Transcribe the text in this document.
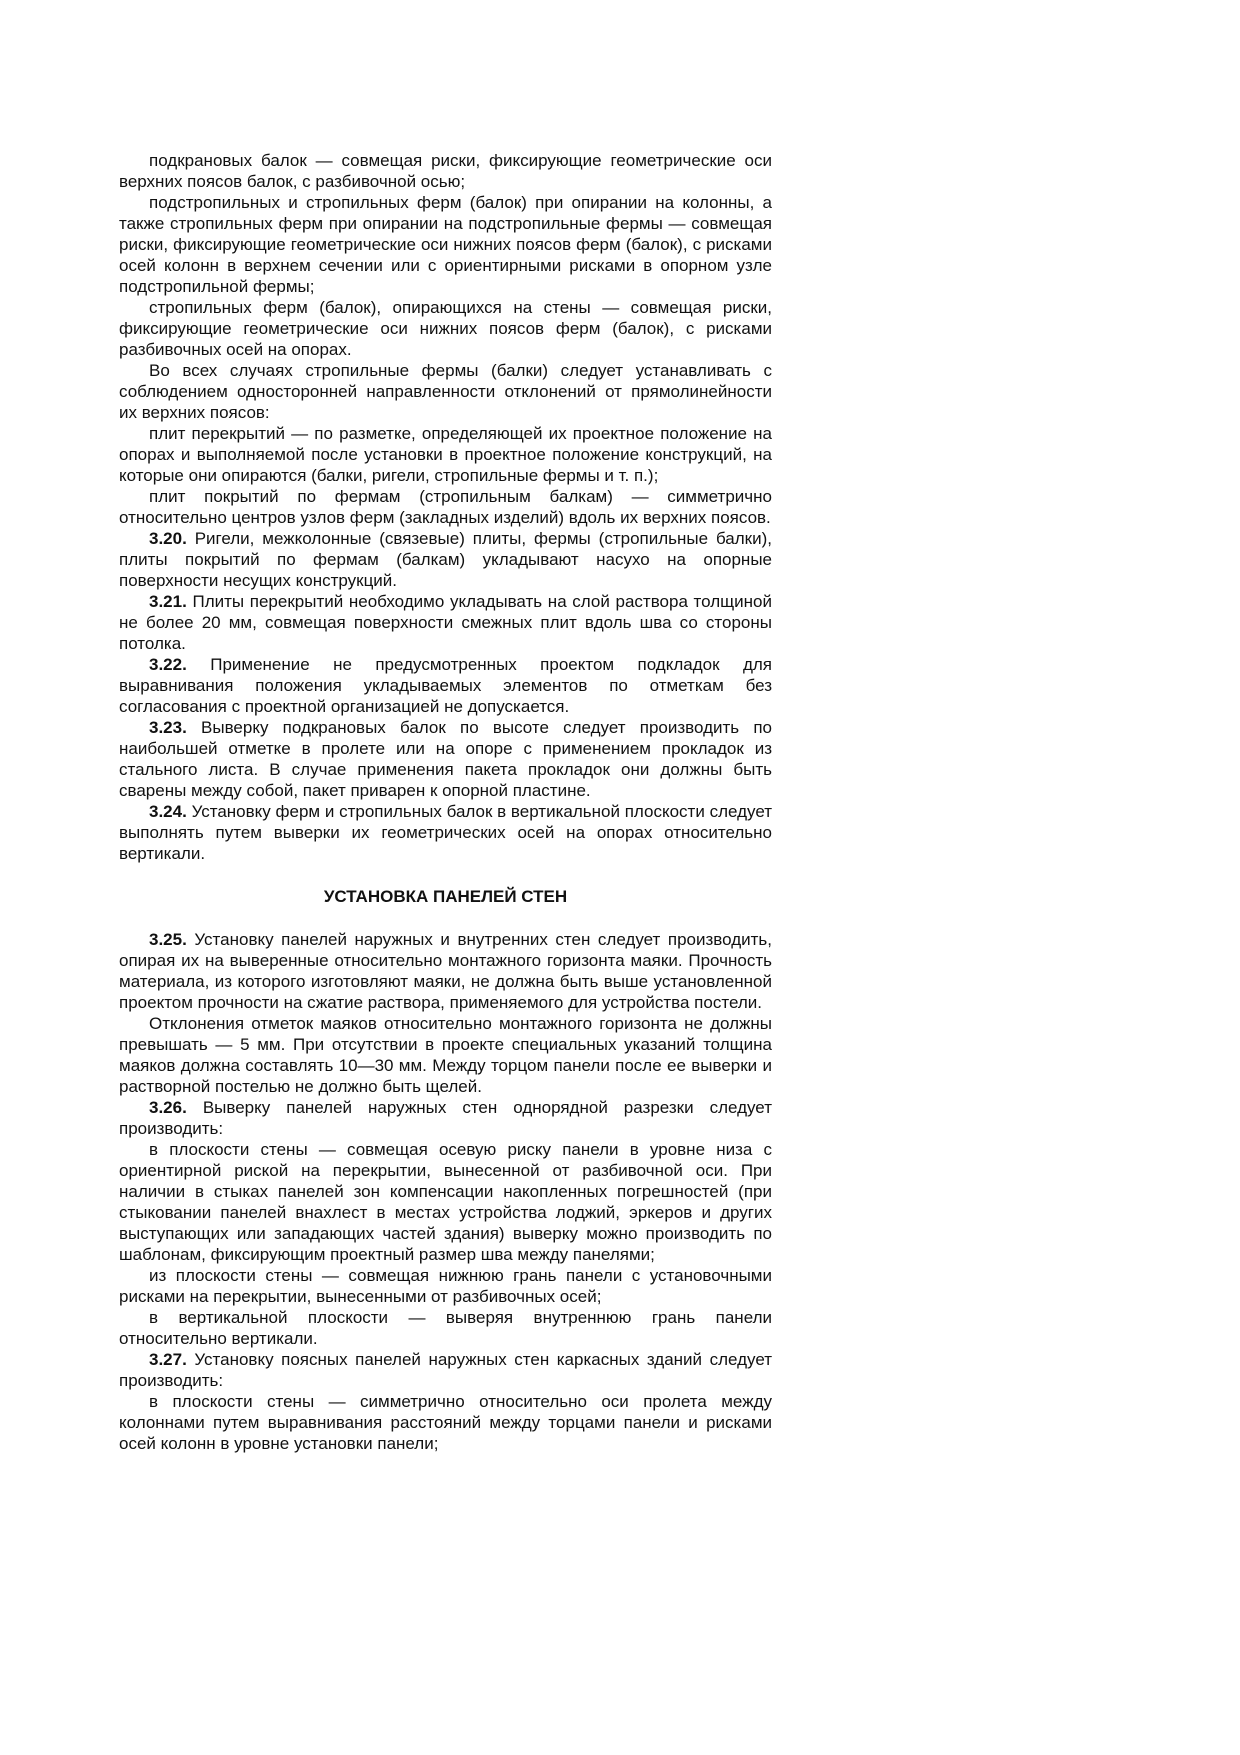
подкрановых балок — совмещая риски, фиксирующие геометрические оси верхних поясов балок, с разбивочной осью;

подстропильных и стропильных ферм (балок) при опирании на колонны, а также стропильных ферм при опирании на подстропильные фермы — совмещая риски, фиксирующие геометрические оси нижних поясов ферм (балок), с рисками осей колонн в верхнем сечении или с ориентирными рисками в опорном узле подстропильной фермы;

стропильных ферм (балок), опирающихся на стены — совмещая риски, фиксирующие геометрические оси нижних поясов ферм (балок), с рисками разбивочных осей на опорах.

Во всех случаях стропильные фермы (балки) следует устанавливать с соблюдением односторонней направленности отклонений от прямолинейности их верхних поясов:

плит перекрытий — по разметке, определяющей их проектное положение на опорах и выполняемой после установки в проектное положение конструкций, на которые они опираются (балки, ригели, стропильные фермы и т. п.);

плит покрытий по фермам (стропильным балкам) — симметрично относительно центров узлов ферм (закладных изделий) вдоль их верхних поясов.

3.20. Ригели, межколонные (связевые) плиты, фермы (стропильные балки), плиты покрытий по фермам (балкам) укладывают насухо на опорные поверхности несущих конструкций.

3.21. Плиты перекрытий необходимо укладывать на слой раствора толщиной не более 20 мм, совмещая поверхности смежных плит вдоль шва со стороны потолка.

3.22. Применение не предусмотренных проектом подкладок для выравнивания положения укладываемых элементов по отметкам без согласования с проектной организацией не допускается.

3.23. Выверку подкрановых балок по высоте следует производить по наибольшей отметке в пролете или на опоре с применением прокладок из стального листа. В случае применения пакета прокладок они должны быть сварены между собой, пакет приварен к опорной пластине.

3.24. Установку ферм и стропильных балок в вертикальной плоскости следует выполнять путем выверки их геометрических осей на опорах относительно вертикали.

УСТАНОВКА ПАНЕЛЕЙ СТЕН

3.25. Установку панелей наружных и внутренних стен следует производить, опирая их на выверенные относительно монтажного горизонта маяки. Прочность материала, из которого изготовляют маяки, не должна быть выше установленной проектом прочности на сжатие раствора, применяемого для устройства постели.

Отклонения отметок маяков относительно монтажного горизонта не должны превышать — 5 мм. При отсутствии в проекте специальных указаний толщина маяков должна составлять 10—30 мм. Между торцом панели после ее выверки и растворной постелью не должно быть щелей.

3.26. Выверку панелей наружных стен однорядной разрезки следует производить:

в плоскости стены — совмещая осевую риску панели в уровне низа с ориентирной риской на перекрытии, вынесенной от разбивочной оси. При наличии в стыках панелей зон компенсации накопленных погрешностей (при стыковании панелей внахлест в местах устройства лоджий, эркеров и других выступающих или западающих частей здания) выверку можно производить по шаблонам, фиксирующим проектный размер шва между панелями;

из плоскости стены — совмещая нижнюю грань панели с установочными рисками на перекрытии, вынесенными от разбивочных осей;

в вертикальной плоскости — выверяя внутреннюю грань панели относительно вертикали.

3.27. Установку поясных панелей наружных стен каркасных зданий следует производить:

в плоскости стены — симметрично относительно оси пролета между колоннами путем выравнивания расстояний между торцами панели и рисками осей колонн в уровне установки панели;
